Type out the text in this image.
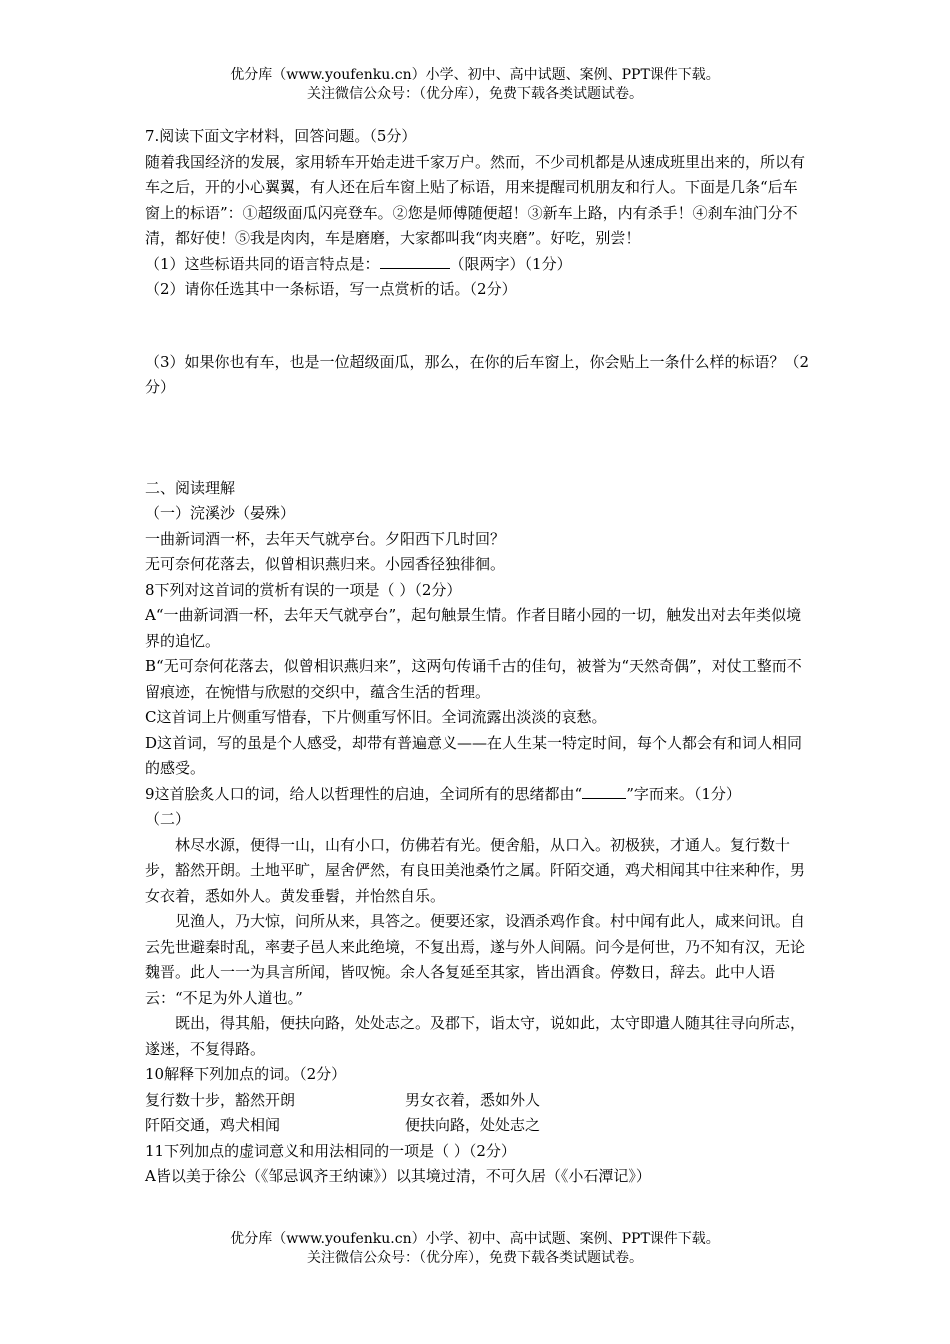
优分库（www.youfenku.cn）小学、初中、高中试题、案例、PPT课件下载。
关注微信公众号：（优分库），免费下载各类试题试卷。

7.阅读下面文字材料，回答问题。（5分）

随着我国经济的发展，家用轿车开始走进千家万户。然而，不少司机都是从速成班里出来的，所以有车之后，开的小心翼翼，有人还在后车窗上贴了标语，用来提醒司机朋友和行人。下面是几条“后车窗上的标语”：①超级面瓜闪亮登车。②您是师傅随便超！③新车上路，内有杀手！④刹车油门分不清，都好使！⑤我是肉肉，车是磨磨，大家都叫我“肉夹磨”。好吃，别尝！

（1）这些标语共同的语言特点是：	（限两字）（1分）

（2）请你任选其中一条标语，写一点赏析的话。（2分）

（3）如果你也有车，也是一位超级面瓜，那么，在你的后车窗上，你会贴上一条什么样的标语？（2分）

二、阅读理解

（一）浣溪沙（晏殊）

一曲新词酒一杯，去年天气就亭台。夕阳西下几时回？

无可奈何花落去，似曾相识燕归来。小园香径独徘徊。

8下列对这首词的赏析有误的一项是（ ）（2分）

A“一曲新词酒一杯，去年天气就亭台”，起句触景生情。作者目睹小园的一切，触发出对去年类似境界的追忆。

B“无可奈何花落去，似曾相识燕归来”，这两句传诵千古的佳句，被誉为“天然奇偶”，对仗工整而不留痕迹，在惋惜与欣慰的交织中，蕴含生活的哲理。

C这首词上片侧重写惜春，下片侧重写怀旧。全词流露出淡淡的哀愁。

D这首词，写的虽是个人感受，却带有普遍意义——在人生某一特定时间，每个人都会有和词人相同的感受。

9这首脍炙人口的词，给人以哲理性的启迪，全词所有的思绪都由“	”字而来。（1分）

（二）

林尽水源，便得一山，山有小口，仿佛若有光。便舍船，从口入。初极狭，才通人。复行数十步，豁然开朗。土地平旷，屋舍俨然，有良田美池桑竹之属。阡陌交通，鸡犬相闻其中往来种作，男女衣着，悉如外人。黄发垂髫，并怡然自乐。

见渔人，乃大惊，问所从来，具答之。便要还家，设酒杀鸡作食。村中闻有此人，咸来问讯。自云先世避秦时乱，率妻子邑人来此绝境，不复出焉，遂与外人间隔。问今是何世，乃不知有汉，无论魏晋。此人一一为具言所闻，皆叹惋。余人各复延至其家，皆出酒食。停数日，辞去。此中人语云：“不足为外人道也。”

既出，得其船，便扶向路，处处志之。及郡下，诣太守，说如此，太守即遣人随其往寻向所志，遂迷，不复得路。

10解释下列加点的词。（2分）

复行数十步，豁然开朗	男女衣着，悉如外人
阡陌交通，鸡犬相闻	便扶向路，处处志之

11下列加点的虚词意义和用法相同的一项是（ ）（2分）

A皆以美于徐公（《邹忌讽齐王纳谏》）以其境过清，不可久居（《小石潭记》）

优分库（www.youfenku.cn）小学、初中、高中试题、案例、PPT课件下载。
关注微信公众号：（优分库），免费下载各类试题试卷。
